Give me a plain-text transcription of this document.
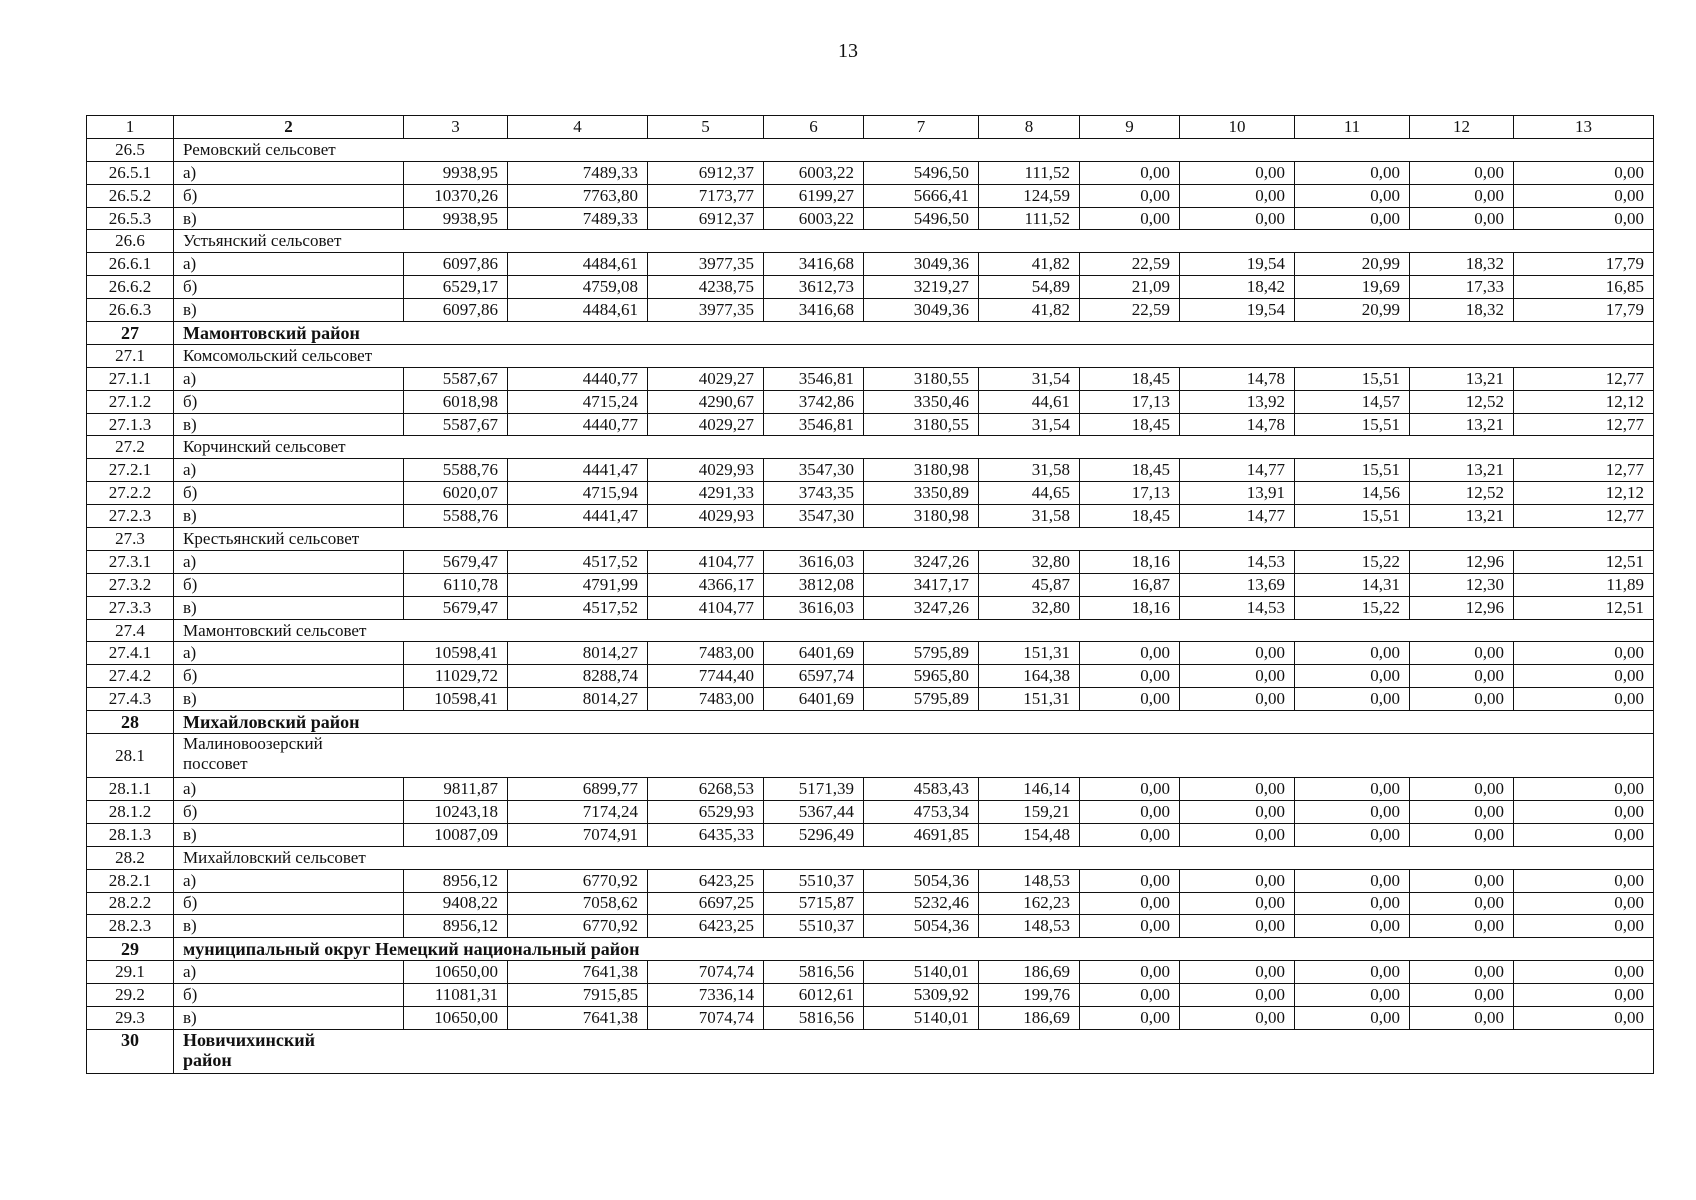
13
1	2	3	4	5	6	7	8	9	10	11	12	13
26.5	Ремовский сельсовет											
26.5.1	а)	9938,95	7489,33	6912,37	6003,22	5496,50	111,52	0,00	0,00	0,00	0,00	0,00
26.5.2	б)	10370,26	7763,80	7173,77	6199,27	5666,41	124,59	0,00	0,00	0,00	0,00	0,00
26.5.3	в)	9938,95	7489,33	6912,37	6003,22	5496,50	111,52	0,00	0,00	0,00	0,00	0,00
26.6	Устьянский сельсовет											
26.6.1	а)	6097,86	4484,61	3977,35	3416,68	3049,36	41,82	22,59	19,54	20,99	18,32	17,79
26.6.2	б)	6529,17	4759,08	4238,75	3612,73	3219,27	54,89	21,09	18,42	19,69	17,33	16,85
26.6.3	в)	6097,86	4484,61	3977,35	3416,68	3049,36	41,82	22,59	19,54	20,99	18,32	17,79
27	Мамонтовский район											
27.1	Комсомольский сельсовет											
27.1.1	а)	5587,67	4440,77	4029,27	3546,81	3180,55	31,54	18,45	14,78	15,51	13,21	12,77
27.1.2	б)	6018,98	4715,24	4290,67	3742,86	3350,46	44,61	17,13	13,92	14,57	12,52	12,12
27.1.3	в)	5587,67	4440,77	4029,27	3546,81	3180,55	31,54	18,45	14,78	15,51	13,21	12,77
27.2	Корчинский сельсовет											
27.2.1	а)	5588,76	4441,47	4029,93	3547,30	3180,98	31,58	18,45	14,77	15,51	13,21	12,77
27.2.2	б)	6020,07	4715,94	4291,33	3743,35	3350,89	44,65	17,13	13,91	14,56	12,52	12,12
27.2.3	в)	5588,76	4441,47	4029,93	3547,30	3180,98	31,58	18,45	14,77	15,51	13,21	12,77
27.3	Крестьянский сельсовет											
27.3.1	а)	5679,47	4517,52	4104,77	3616,03	3247,26	32,80	18,16	14,53	15,22	12,96	12,51
27.3.2	б)	6110,78	4791,99	4366,17	3812,08	3417,17	45,87	16,87	13,69	14,31	12,30	11,89
27.3.3	в)	5679,47	4517,52	4104,77	3616,03	3247,26	32,80	18,16	14,53	15,22	12,96	12,51
27.4	Мамонтовский сельсовет											
27.4.1	а)	10598,41	8014,27	7483,00	6401,69	5795,89	151,31	0,00	0,00	0,00	0,00	0,00
27.4.2	б)	11029,72	8288,74	7744,40	6597,74	5965,80	164,38	0,00	0,00	0,00	0,00	0,00
27.4.3	в)	10598,41	8014,27	7483,00	6401,69	5795,89	151,31	0,00	0,00	0,00	0,00	0,00
28	Михайловский район											
28.1	Малиновоозерский поссовет											
28.1.1	а)	9811,87	6899,77	6268,53	5171,39	4583,43	146,14	0,00	0,00	0,00	0,00	0,00
28.1.2	б)	10243,18	7174,24	6529,93	5367,44	4753,34	159,21	0,00	0,00	0,00	0,00	0,00
28.1.3	в)	10087,09	7074,91	6435,33	5296,49	4691,85	154,48	0,00	0,00	0,00	0,00	0,00
28.2	Михайловский сельсовет											
28.2.1	а)	8956,12	6770,92	6423,25	5510,37	5054,36	148,53	0,00	0,00	0,00	0,00	0,00
28.2.2	б)	9408,22	7058,62	6697,25	5715,87	5232,46	162,23	0,00	0,00	0,00	0,00	0,00
28.2.3	в)	8956,12	6770,92	6423,25	5510,37	5054,36	148,53	0,00	0,00	0,00	0,00	0,00
29	муниципальный округ Немецкий национальный район											
29.1	а)	10650,00	7641,38	7074,74	5816,56	5140,01	186,69	0,00	0,00	0,00	0,00	0,00
29.2	б)	11081,31	7915,85	7336,14	6012,61	5309,92	199,76	0,00	0,00	0,00	0,00	0,00
29.3	в)	10650,00	7641,38	7074,74	5816,56	5140,01	186,69	0,00	0,00	0,00	0,00	0,00
30	Новичихинский район											
